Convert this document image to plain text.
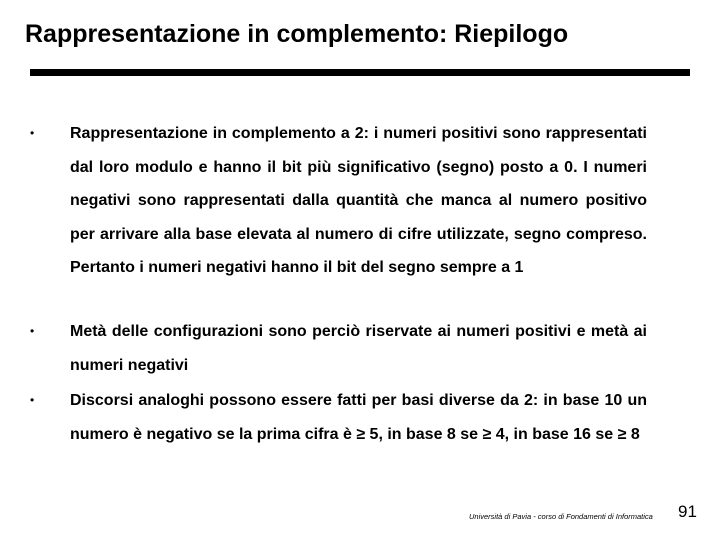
Rappresentazione in complemento: Riepilogo
• Rappresentazione in complemento a 2: i numeri positivi sono rappresentati dal loro modulo e hanno il bit più significativo (segno) posto a 0. I numeri negativi sono rappresentati dalla quantità che manca al numero positivo per arrivare alla base elevata al numero di cifre utilizzate, segno compreso. Pertanto i numeri negativi hanno il bit del segno sempre a 1
• Metà delle configurazioni sono perciò riservate ai numeri positivi e metà ai numeri negativi
• Discorsi analoghi possono essere fatti per basi diverse da 2: in base 10 un numero è negativo se la prima cifra è ≥ 5, in base 8 se ≥ 4, in base 16 se ≥ 8
Università di Pavia - corso di Fondamenti di Informatica 91
